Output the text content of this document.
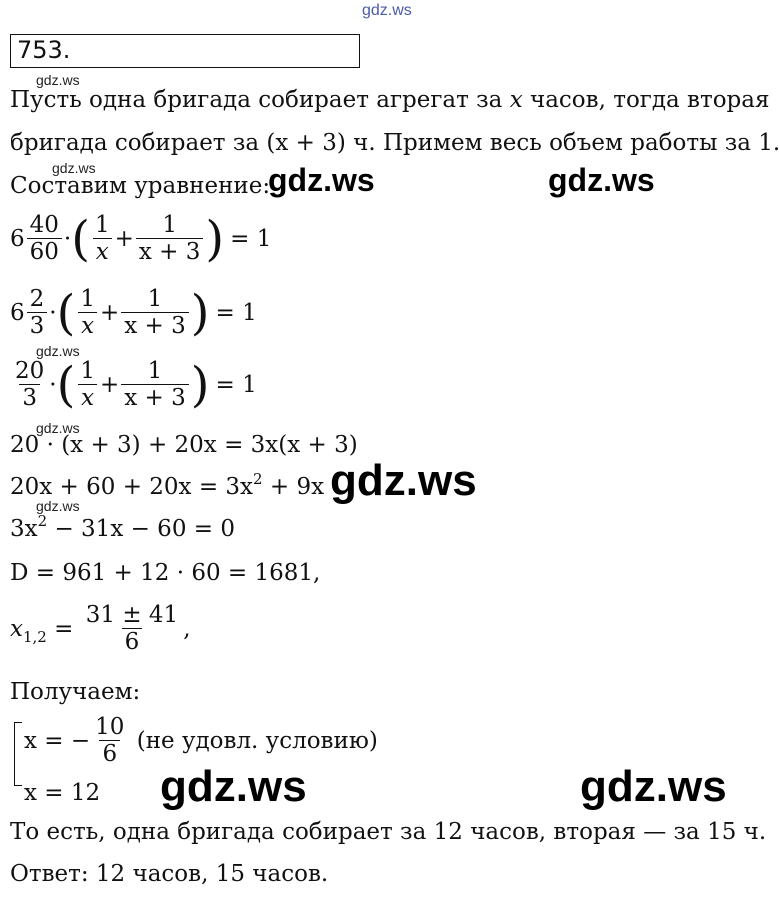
gdz.ws
753.
gdz.ws
Пусть одна бригада собирает агрегат за x часов, тогда вторая
бригада собирает за (x + 3) ч. Примем весь объем работы за 1.
gdz.ws
Составим уравнение:
gdz.ws	gdz.ws
$6 \frac{40}{60}$ · ( $\frac{1}{x} + \frac{1}{x + 3}$ ) = 1
$6 \frac{2}{3}$ · ( $\frac{1}{x} + \frac{1}{x + 3}$ ) = 1
gdz.ws
$\frac{20}{3}$ · ( $\frac{1}{x} + \frac{1}{x + 3}$ ) = 1
gdz.ws
20 · (x + 3) + 20x = 3x(x + 3)
$20x + 60 + 20x = 3x^2 + 9x$ gdz.ws
gdz.ws
$3x^2 - 31x - 60 = 0$
D = 961 + 12 · 60 = 1681,
$x_{1,2} = \frac{31 \pm 41}{6}$ ,
Получаем:
x = − $\frac{10}{6} (не$ удовл. условию)
x = 12 gdz.ws	gdz.ws
То есть, одна бригада собирает за 12 часов, вторая — за 15 ч.
Ответ: 12 часов, 15 часов.
